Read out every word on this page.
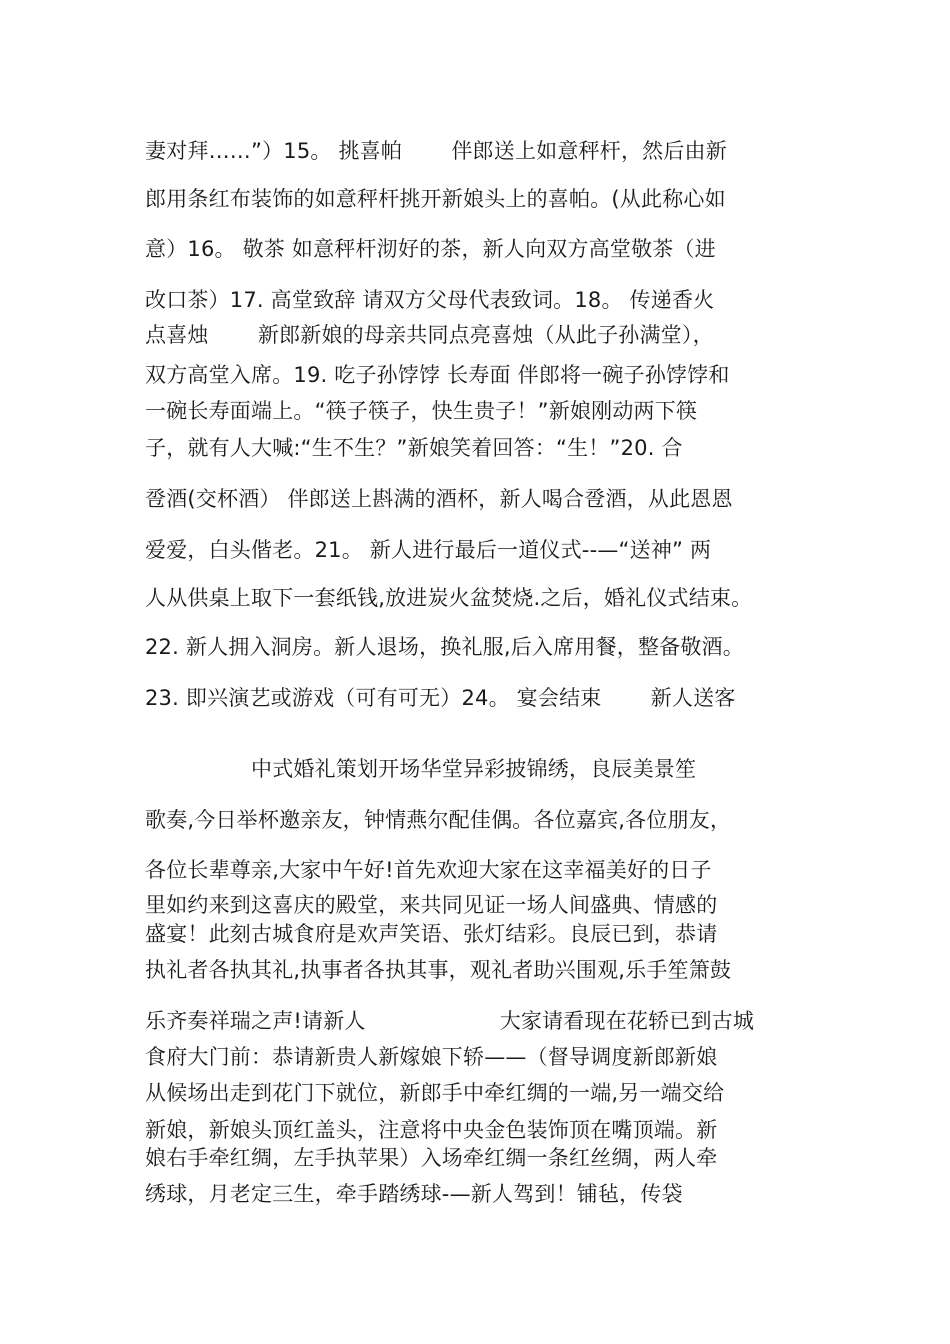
妻对拜……”）15。 挑喜帕 　　伴郎送上如意秤杆，然后由新
郎用条红布装饰的如意秤杆挑开新娘头上的喜帕。(从此称心如
意）16。 敬茶 如意秤杆沏好的茶，新人向双方高堂敬茶（进
改口茶）17. 高堂致辞 请双方父母代表致词。18。 传递香火
点喜烛 　　新郎新娘的母亲共同点亮喜烛（从此子孙满堂），
双方高堂入席。19. 吃子孙饽饽 长寿面 伴郎将一碗子孙饽饽和
一碗长寿面端上。“筷子筷子，快生贵子！”新娘刚动两下筷
子，就有人大喊:“生不生？”新娘笑着回答：“生！”20. 合
卺酒(交杯酒） 伴郎送上斟满的酒杯，新人喝合卺酒，从此恩恩
爱爱，白头偕老。21。 新人进行最后一道仪式--—“送神” 两
人从供桌上取下一套纸钱,放进炭火盆焚烧.之后，婚礼仪式结束。
22. 新人拥入洞房。新人退场，换礼服,后入席用餐，整备敬酒。
23. 即兴演艺或游戏（可有可无）24。 宴会结束 　　新人送客
　　　　　中式婚礼策划开场华堂异彩披锦绣，良辰美景笙
歌奏,今日举杯邀亲友，钟情燕尔配佳偶。各位嘉宾,各位朋友，
各位长辈尊亲,大家中午好!首先欢迎大家在这幸福美好的日子
里如约来到这喜庆的殿堂，来共同见证一场人间盛典、情感的
盛宴！此刻古城食府是欢声笑语、张灯结彩。良辰已到，恭请
执礼者各执其礼,执事者各执其事，观礼者助兴围观,乐手笙箫鼓
乐齐奏祥瑞之声!请新人 　　　　　　大家请看现在花轿已到古城
食府大门前：恭请新贵人新嫁娘下轿——（督导调度新郎新娘
从候场出走到花门下就位，新郎手中牵红绸的一端,另一端交给
新娘，新娘头顶红盖头，注意将中央金色装饰顶在嘴顶端。新
娘右手牵红绸，左手执苹果）入场牵红绸一条红丝绸，两人牵
绣球，月老定三生，牵手踏绣球-—新人驾到！铺毡，传袋
